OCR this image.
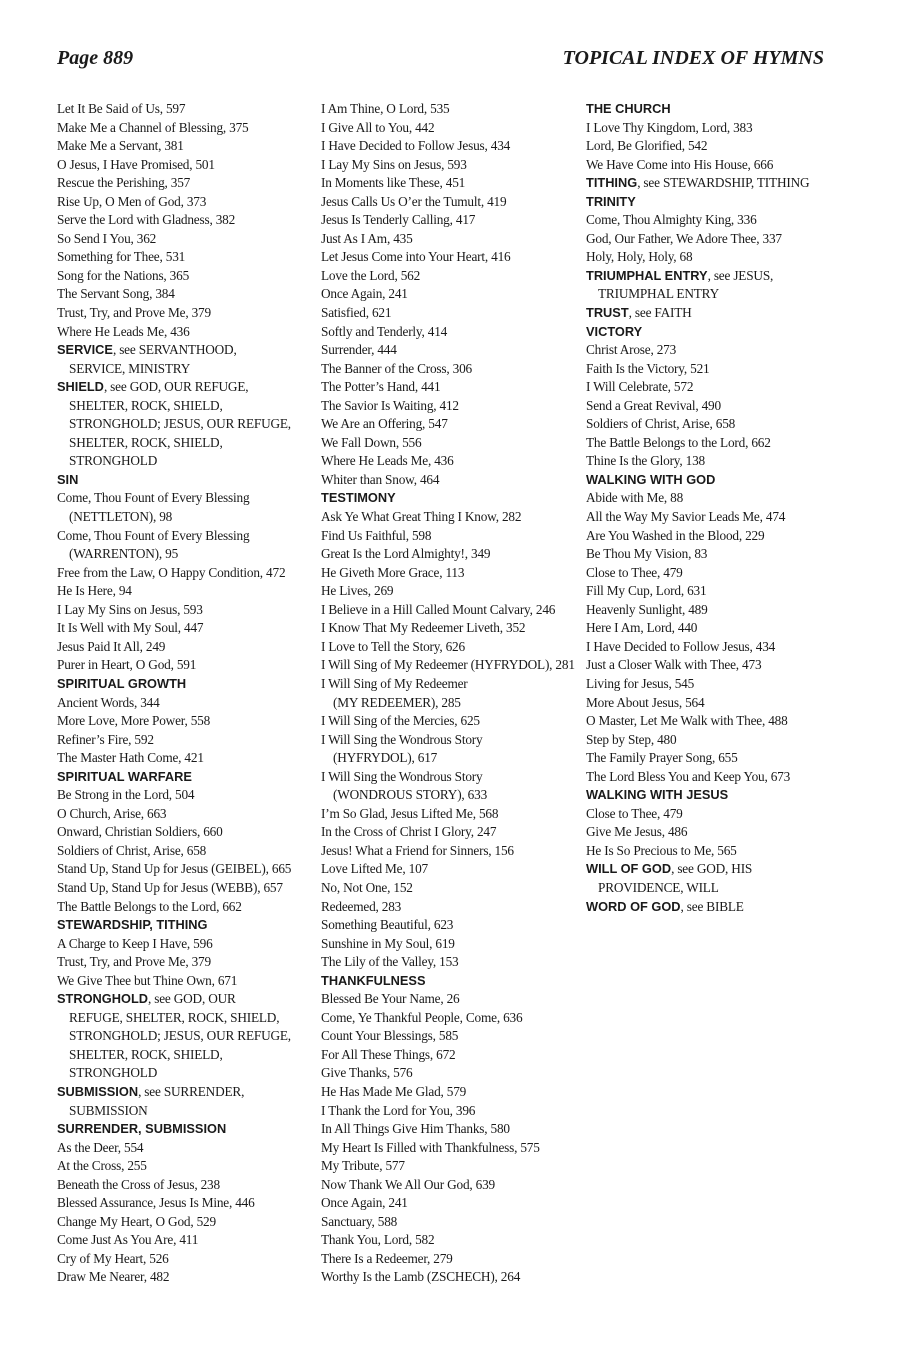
Page 889	TOPICAL INDEX OF HYMNS
Let It Be Said of Us, 597
Make Me a Channel of Blessing, 375
Make Me a Servant, 381
O Jesus, I Have Promised, 501
Rescue the Perishing, 357
Rise Up, O Men of God, 373
Serve the Lord with Gladness, 382
So Send I You, 362
Something for Thee, 531
Song for the Nations, 365
The Servant Song, 384
Trust, Try, and Prove Me, 379
Where He Leads Me, 436
SERVICE, see SERVANTHOOD,
SERVICE, MINISTRY
SHIELD, see GOD, OUR REFUGE,
SHELTER, ROCK, SHIELD,
STRONGHOLD; JESUS, OUR REFUGE,
SHELTER, ROCK, SHIELD,
STRONGHOLD
SIN
Come, Thou Fount of Every Blessing
(NETTLETON), 98
Come, Thou Fount of Every Blessing
(WARRENTON), 95
Free from the Law, O Happy Condition, 472
He Is Here, 94
I Lay My Sins on Jesus, 593
It Is Well with My Soul, 447
Jesus Paid It All, 249
Purer in Heart, O God, 591
SPIRITUAL GROWTH
Ancient Words, 344
More Love, More Power, 558
Refiner’s Fire, 592
The Master Hath Come, 421
SPIRITUAL WARFARE
Be Strong in the Lord, 504
O Church, Arise, 663
Onward, Christian Soldiers, 660
Soldiers of Christ, Arise, 658
Stand Up, Stand Up for Jesus (GEIBEL), 665
Stand Up, Stand Up for Jesus (WEBB), 657
The Battle Belongs to the Lord, 662
STEWARDSHIP, TITHING
A Charge to Keep I Have, 596
Trust, Try, and Prove Me, 379
We Give Thee but Thine Own, 671
STRONGHOLD, see GOD, OUR
REFUGE, SHELTER, ROCK, SHIELD,
STRONGHOLD; JESUS, OUR REFUGE,
SHELTER, ROCK, SHIELD,
STRONGHOLD
SUBMISSION, see SURRENDER,
SUBMISSION
SURRENDER, SUBMISSION
As the Deer, 554
At the Cross, 255
Beneath the Cross of Jesus, 238
Blessed Assurance, Jesus Is Mine, 446
Change My Heart, O God, 529
Come Just As You Are, 411
Cry of My Heart, 526
Draw Me Nearer, 482
I Am Thine, O Lord, 535
I Give All to You, 442
I Have Decided to Follow Jesus, 434
I Lay My Sins on Jesus, 593
In Moments like These, 451
Jesus Calls Us O’er the Tumult, 419
Jesus Is Tenderly Calling, 417
Just As I Am, 435
Let Jesus Come into Your Heart, 416
Love the Lord, 562
Once Again, 241
Satisfied, 621
Softly and Tenderly, 414
Surrender, 444
The Banner of the Cross, 306
The Potter’s Hand, 441
The Savior Is Waiting, 412
We Are an Offering, 547
We Fall Down, 556
Where He Leads Me, 436
Whiter than Snow, 464
TESTIMONY
Ask Ye What Great Thing I Know, 282
Find Us Faithful, 598
Great Is the Lord Almighty!, 349
He Giveth More Grace, 113
He Lives, 269
I Believe in a Hill Called Mount Calvary, 246
I Know That My Redeemer Liveth, 352
I Love to Tell the Story, 626
I Will Sing of My Redeemer (HYFRYDOL), 281
I Will Sing of My Redeemer
(MY REDEEMER), 285
I Will Sing of the Mercies, 625
I Will Sing the Wondrous Story
(HYFRYDOL), 617
I Will Sing the Wondrous Story
(WONDROUS STORY), 633
I’m So Glad, Jesus Lifted Me, 568
In the Cross of Christ I Glory, 247
Jesus! What a Friend for Sinners, 156
Love Lifted Me, 107
No, Not One, 152
Redeemed, 283
Something Beautiful, 623
Sunshine in My Soul, 619
The Lily of the Valley, 153
THANKFULNESS
Blessed Be Your Name, 26
Come, Ye Thankful People, Come, 636
Count Your Blessings, 585
For All These Things, 672
Give Thanks, 576
He Has Made Me Glad, 579
I Thank the Lord for You, 396
In All Things Give Him Thanks, 580
My Heart Is Filled with Thankfulness, 575
My Tribute, 577
Now Thank We All Our God, 639
Once Again, 241
Sanctuary, 588
Thank You, Lord, 582
There Is a Redeemer, 279
Worthy Is the Lamb (ZSCHECH), 264
THE CHURCH
I Love Thy Kingdom, Lord, 383
Lord, Be Glorified, 542
We Have Come into His House, 666
TITHING, see STEWARDSHIP, TITHING
TRINITY
Come, Thou Almighty King, 336
God, Our Father, We Adore Thee, 337
Holy, Holy, Holy, 68
TRIUMPHAL ENTRY, see JESUS,
TRIUMPHAL ENTRY
TRUST, see FAITH
VICTORY
Christ Arose, 273
Faith Is the Victory, 521
I Will Celebrate, 572
Send a Great Revival, 490
Soldiers of Christ, Arise, 658
The Battle Belongs to the Lord, 662
Thine Is the Glory, 138
WALKING WITH GOD
Abide with Me, 88
All the Way My Savior Leads Me, 474
Are You Washed in the Blood, 229
Be Thou My Vision, 83
Close to Thee, 479
Fill My Cup, Lord, 631
Heavenly Sunlight, 489
Here I Am, Lord, 440
I Have Decided to Follow Jesus, 434
Just a Closer Walk with Thee, 473
Living for Jesus, 545
More About Jesus, 564
O Master, Let Me Walk with Thee, 488
Step by Step, 480
The Family Prayer Song, 655
The Lord Bless You and Keep You, 673
WALKING WITH JESUS
Close to Thee, 479
Give Me Jesus, 486
He Is So Precious to Me, 565
WILL OF GOD, see GOD, HIS
PROVIDENCE, WILL
WORD OF GOD, see BIBLE
